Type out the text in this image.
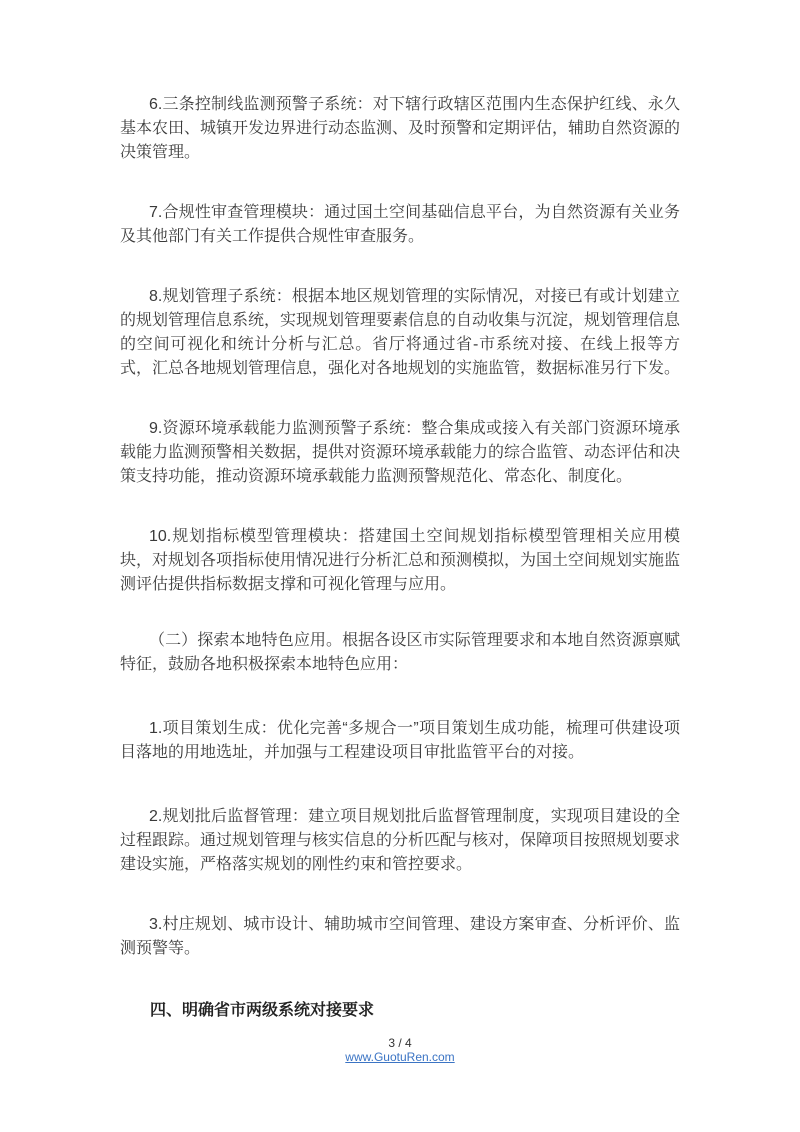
6.三条控制线监测预警子系统：对下辖行政辖区范围内生态保护红线、永久基本农田、城镇开发边界进行动态监测、及时预警和定期评估，辅助自然资源的决策管理。

7.合规性审查管理模块：通过国土空间基础信息平台，为自然资源有关业务及其他部门有关工作提供合规性审查服务。

8.规划管理子系统：根据本地区规划管理的实际情况，对接已有或计划建立的规划管理信息系统，实现规划管理要素信息的自动收集与沉淀，规划管理信息的空间可视化和统计分析与汇总。省厅将通过省-市系统对接、在线上报等方式，汇总各地规划管理信息，强化对各地规划的实施监管，数据标准另行下发。

9.资源环境承载能力监测预警子系统：整合集成或接入有关部门资源环境承载能力监测预警相关数据，提供对资源环境承载能力的综合监管、动态评估和决策支持功能，推动资源环境承载能力监测预警规范化、常态化、制度化。

10.规划指标模型管理模块：搭建国土空间规划指标模型管理相关应用模块，对规划各项指标使用情况进行分析汇总和预测模拟，为国土空间规划实施监测评估提供指标数据支撑和可视化管理与应用。

（二）探索本地特色应用。根据各设区市实际管理要求和本地自然资源禀赋特征，鼓励各地积极探索本地特色应用：

1.项目策划生成：优化完善“多规合一”项目策划生成功能，梳理可供建设项目落地的用地选址，并加强与工程建设项目审批监管平台的对接。

2.规划批后监督管理：建立项目规划批后监督管理制度，实现项目建设的全过程跟踪。通过规划管理与核实信息的分析匹配与核对，保障项目按照规划要求建设实施，严格落实规划的刚性约束和管控要求。

3.村庄规划、城市设计、辅助城市空间管理、建设方案审查、分析评价、监测预警等。

四、明确省市两级系统对接要求
3 / 4
www.GuotuRen.com
